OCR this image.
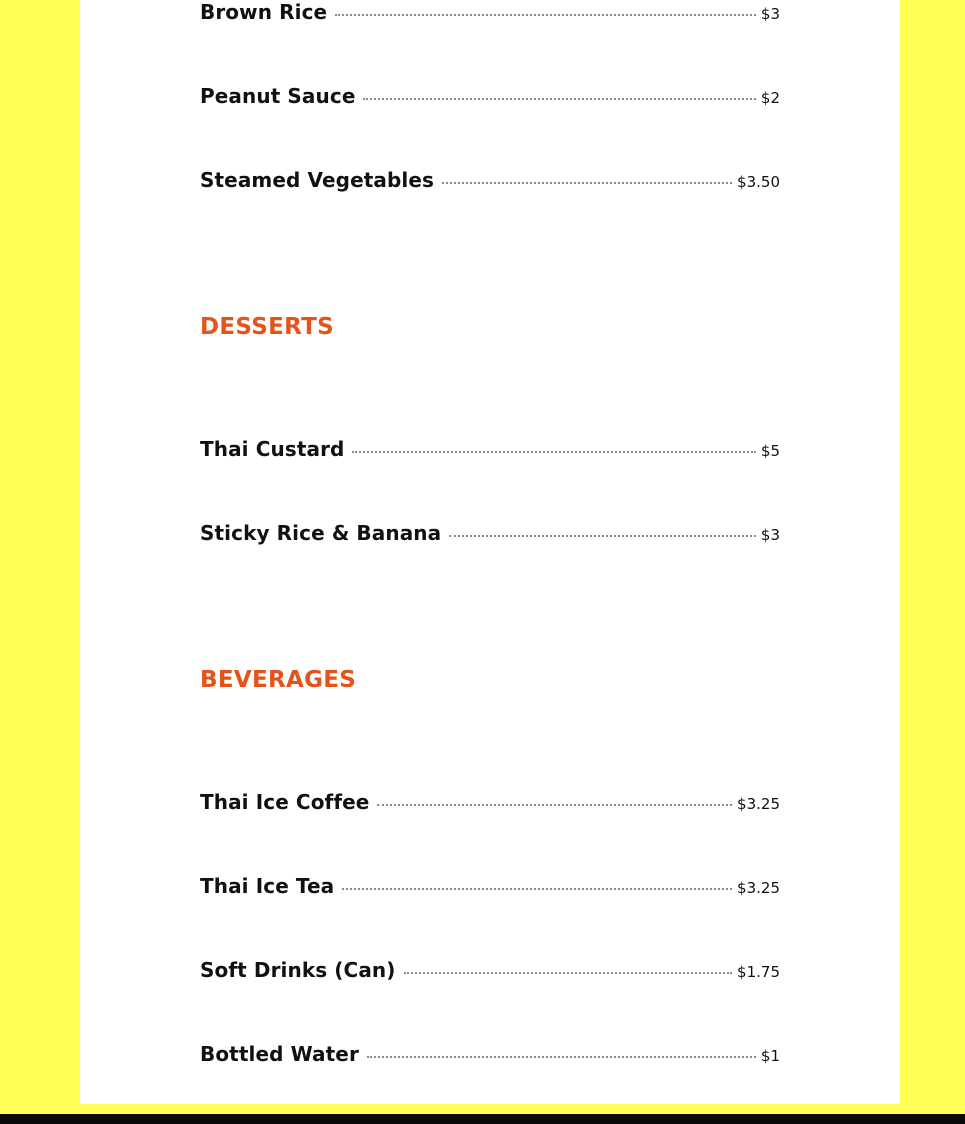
Brown Rice	$3
Peanut Sauce	$2
Steamed Vegetables	$3.50
DESSERTS
Thai Custard	$5
Sticky Rice & Banana	$3
BEVERAGES
Thai Ice Coffee	$3.25
Thai Ice Tea	$3.25
Soft Drinks (Can)	$1.75
Bottled Water	$1
